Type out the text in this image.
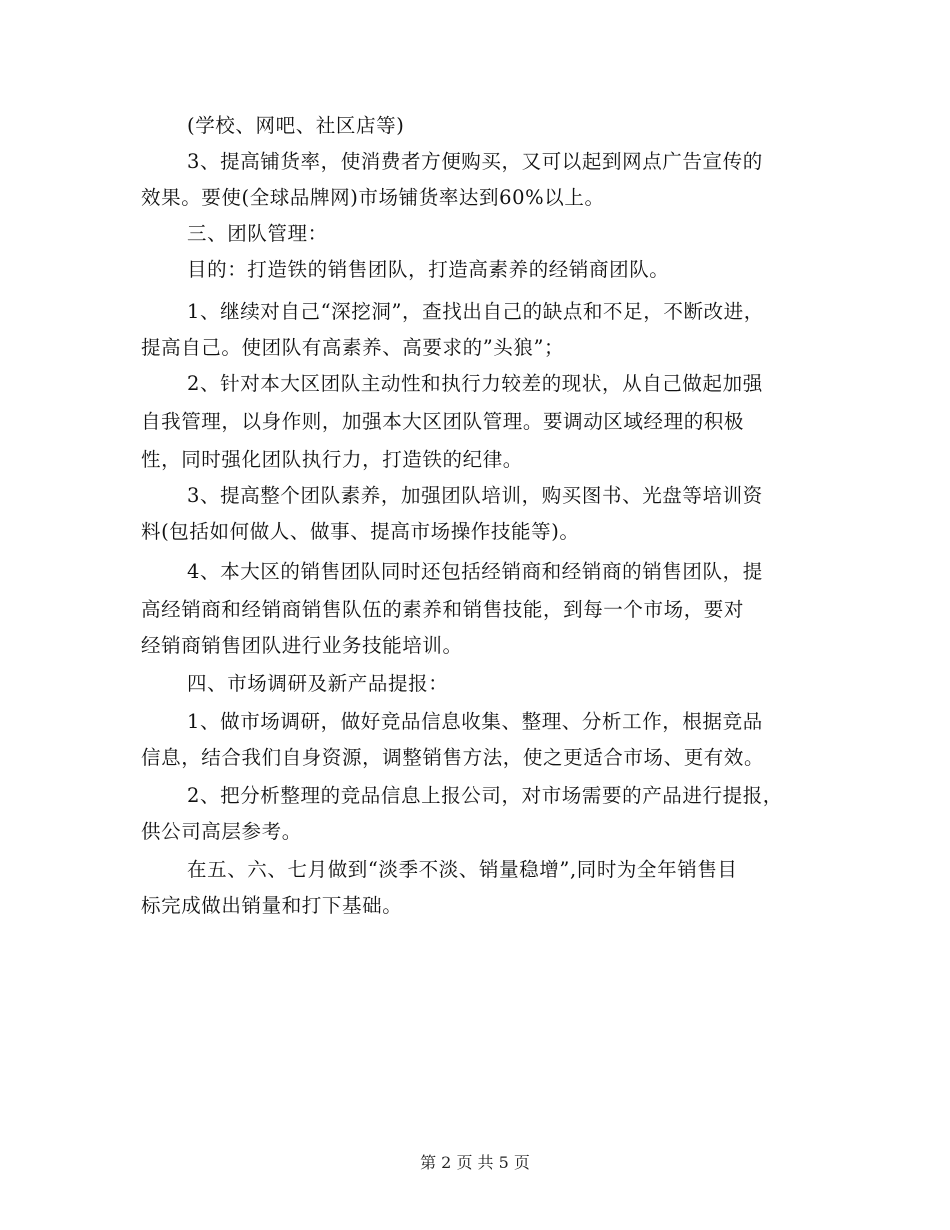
(学校、网吧、社区店等)
3、提高铺货率，使消费者方便购买，又可以起到网点广告宣传的
效果。要使(全球品牌网)市场铺货率达到60%以上。
三、团队管理：
目的：打造铁的销售团队，打造高素养的经销商团队。
1、继续对自己“深挖洞”，查找出自己的缺点和不足，不断改进，
提高自己。使团队有高素养、高要求的”头狼”；
2、针对本大区团队主动性和执行力较差的现状，从自己做起加强
自我管理，以身作则，加强本大区团队管理。要调动区域经理的积极
性，同时强化团队执行力，打造铁的纪律。
3、提高整个团队素养，加强团队培训，购买图书、光盘等培训资
料(包括如何做人、做事、提高市场操作技能等)。
4、本大区的销售团队同时还包括经销商和经销商的销售团队，提
高经销商和经销商销售队伍的素养和销售技能，到每一个市场，要对
经销商销售团队进行业务技能培训。
四、市场调研及新产品提报：
1、做市场调研，做好竞品信息收集、整理、分析工作，根据竞品
信息，结合我们自身资源，调整销售方法，使之更适合市场、更有效。
2、把分析整理的竞品信息上报公司，对市场需要的产品进行提报，
供公司高层参考。
在五、六、七月做到“淡季不淡、销量稳增”,同时为全年销售目
标完成做出销量和打下基础。
第 2 页 共 5 页
